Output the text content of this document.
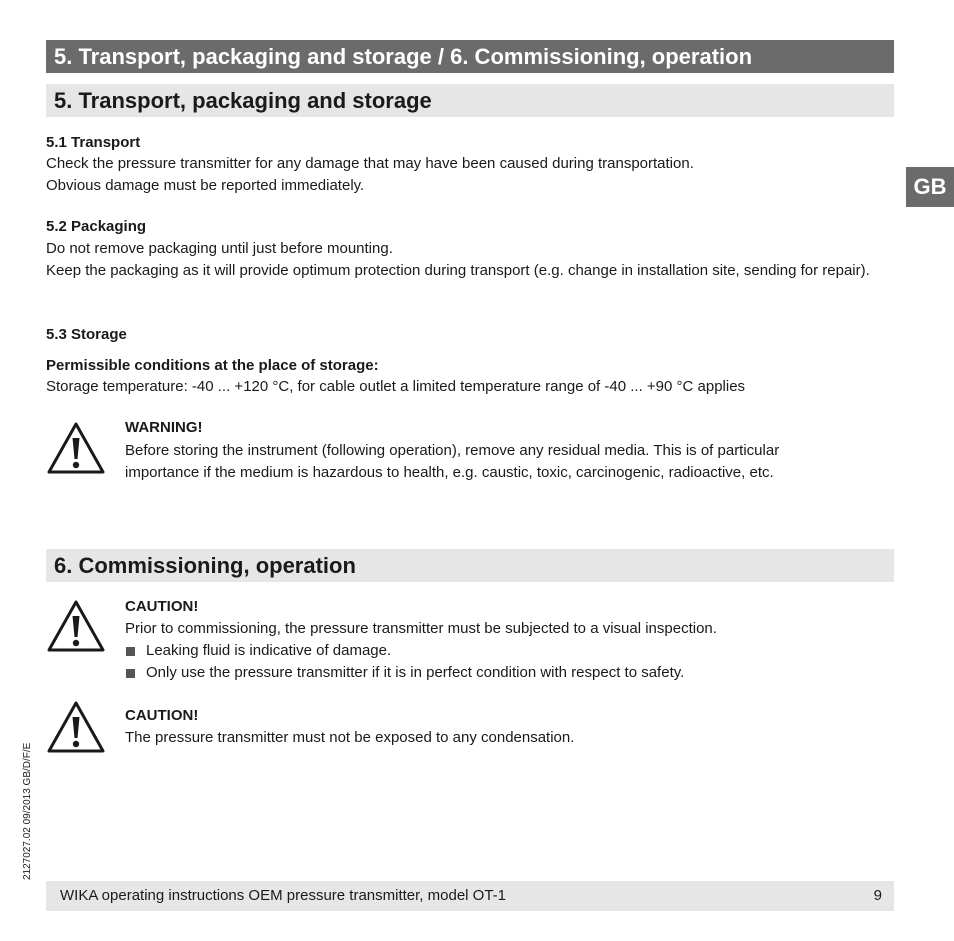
5. Transport, packaging and storage / 6. Commissioning, operation
GB
5. Transport, packaging and storage
5.1 Transport
Check the pressure transmitter for any damage that may have been caused during transportation.
Obvious damage must be reported immediately.
5.2 Packaging
Do not remove packaging until just before mounting.
Keep the packaging as it will provide optimum protection during transport (e.g. change in installation site, sending for repair).
5.3 Storage
Permissible conditions at the place of storage:
Storage temperature: -40 ... +120 °C, for cable outlet a limited temperature range of -40 ... +90 °C applies
WARNING!
Before storing the instrument (following operation), remove any residual media. This is of particular
importance if the medium is hazardous to health, e.g. caustic, toxic, carcinogenic, radioactive, etc.
6. Commissioning, operation
CAUTION!
Prior to commissioning, the pressure transmitter must be subjected to a visual inspection.
Leaking fluid is indicative of damage.
Only use the pressure transmitter if it is in perfect condition with respect to safety.
CAUTION!
The pressure transmitter must not be exposed to any condensation.
2127027.02 09/2013 GB/D/F/E
WIKA operating instructions OEM pressure transmitter, model OT-1	9
